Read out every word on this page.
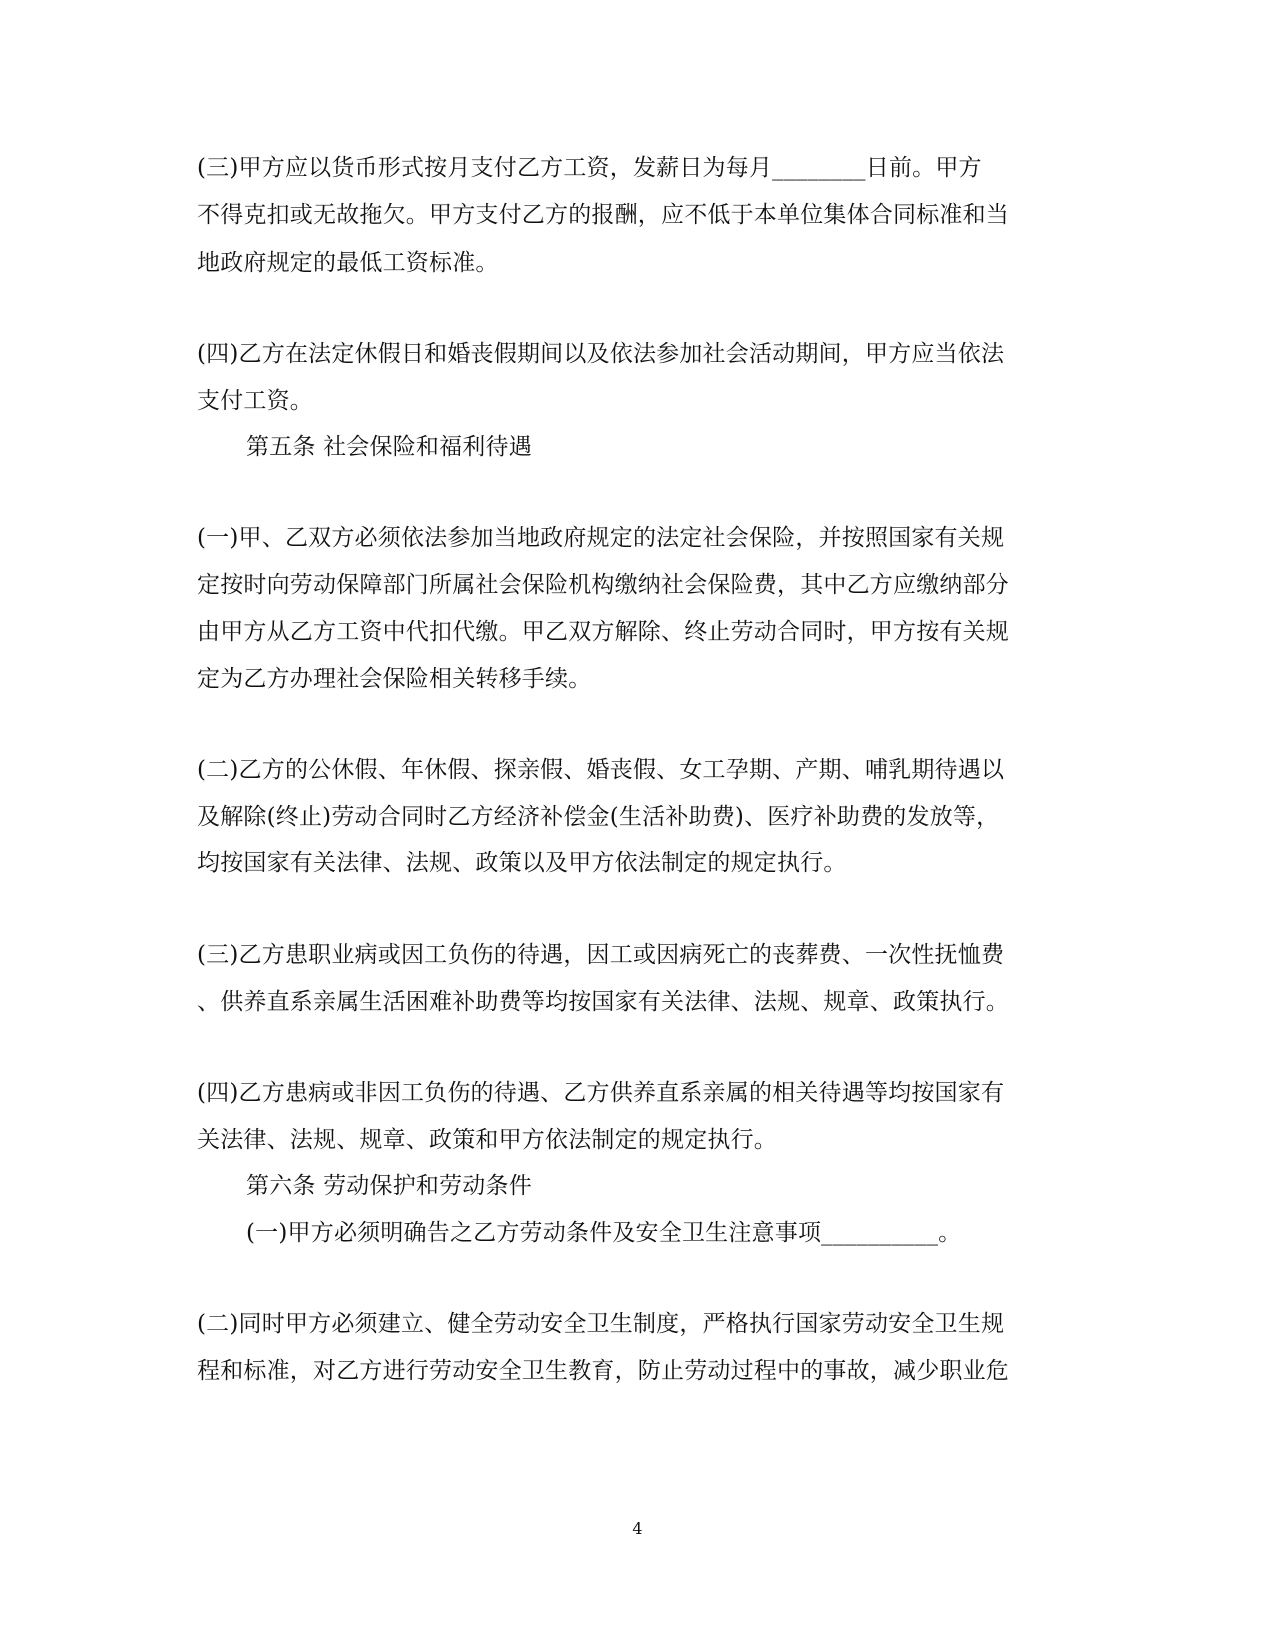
(三)甲方应以货币形式按月支付乙方工资，发薪日为每月________日前。甲方
不得克扣或无故拖欠。甲方支付乙方的报酬，应不低于本单位集体合同标准和当
地政府规定的最低工资标准。
(四)乙方在法定休假日和婚丧假期间以及依法参加社会活动期间，甲方应当依法
支付工资。
第五条 社会保险和福利待遇
(一)甲、乙双方必须依法参加当地政府规定的法定社会保险，并按照国家有关规
定按时向劳动保障部门所属社会保险机构缴纳社会保险费，其中乙方应缴纳部分
由甲方从乙方工资中代扣代缴。甲乙双方解除、终止劳动合同时，甲方按有关规
定为乙方办理社会保险相关转移手续。
(二)乙方的公休假、年休假、探亲假、婚丧假、女工孕期、产期、哺乳期待遇以
及解除(终止)劳动合同时乙方经济补偿金(生活补助费)、医疗补助费的发放等，
均按国家有关法律、法规、政策以及甲方依法制定的规定执行。
(三)乙方患职业病或因工负伤的待遇，因工或因病死亡的丧葬费、一次性抚恤费
、供养直系亲属生活困难补助费等均按国家有关法律、法规、规章、政策执行。
(四)乙方患病或非因工负伤的待遇、乙方供养直系亲属的相关待遇等均按国家有
关法律、法规、规章、政策和甲方依法制定的规定执行。
第六条 劳动保护和劳动条件
(一)甲方必须明确告之乙方劳动条件及安全卫生注意事项__________。
(二)同时甲方必须建立、健全劳动安全卫生制度，严格执行国家劳动安全卫生规
程和标准，对乙方进行劳动安全卫生教育，防止劳动过程中的事故，减少职业危
4
